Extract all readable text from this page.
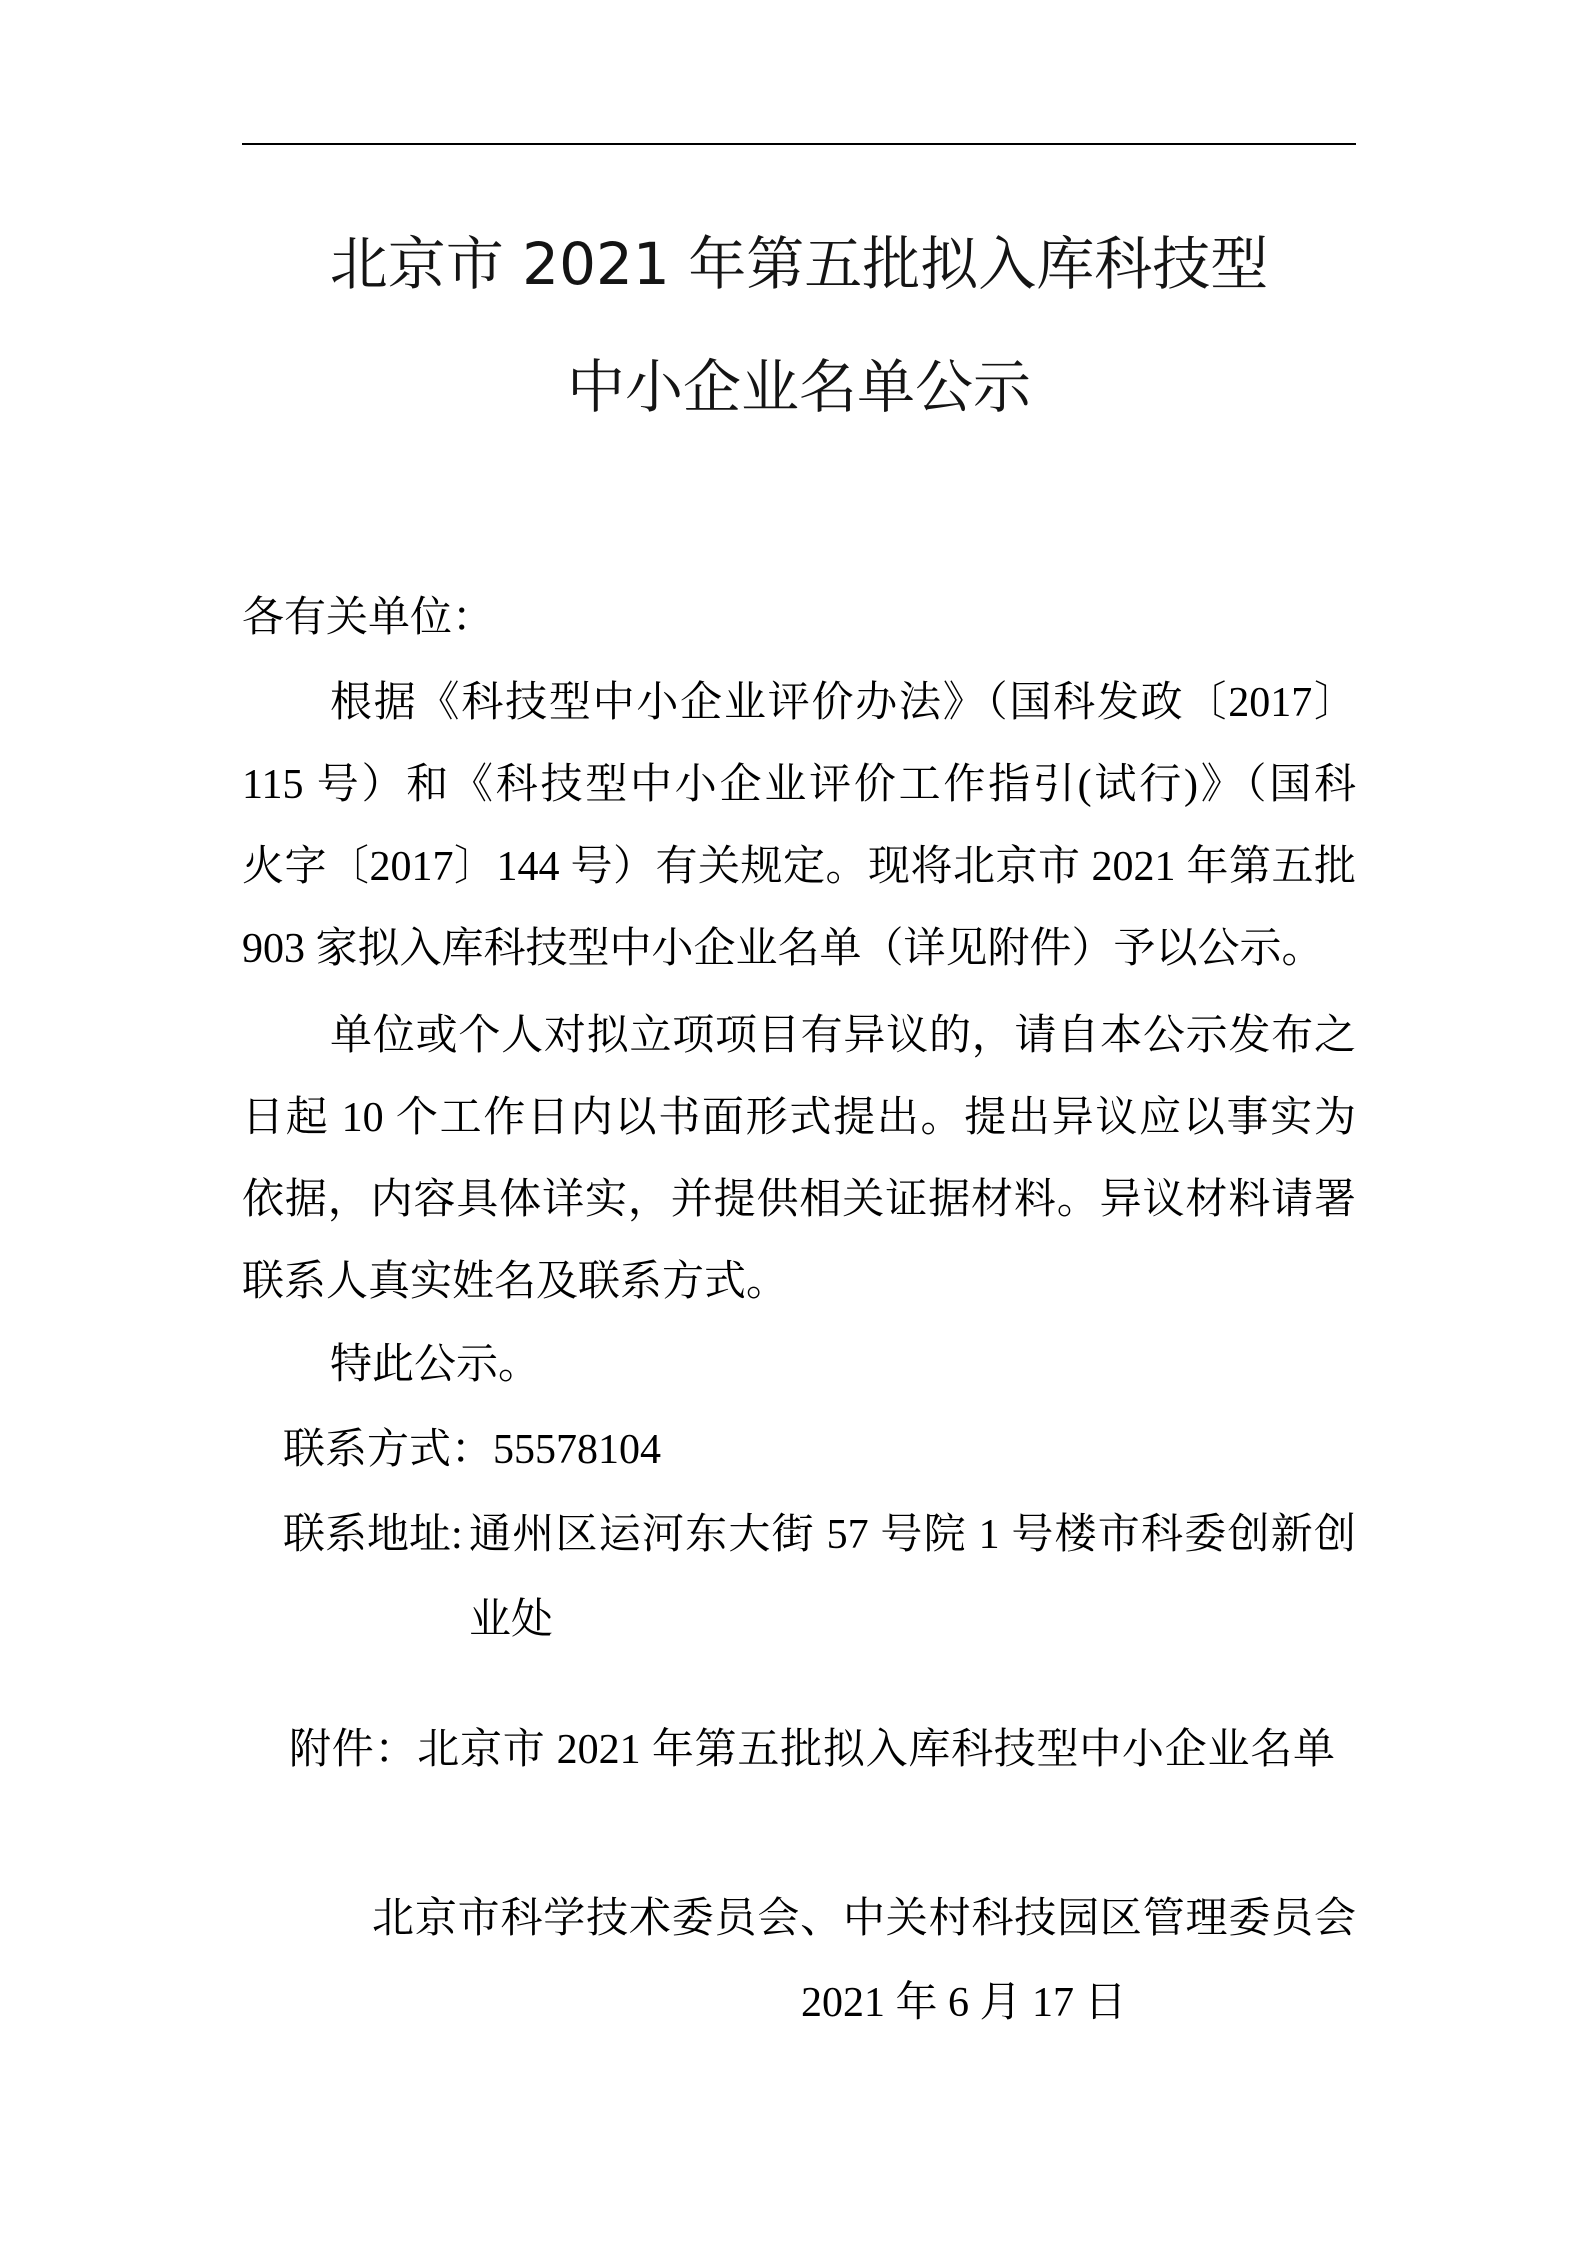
北京市 2021 年第五批拟入库科技型
中小企业名单公示
各有关单位：
根据《科技型中小企业评价办法》（国科发政〔2017〕
115 号）和《科技型中小企业评价工作指引(试行)》（国科
火字〔2017〕144 号）有关规定。现将北京市 2021 年第五批
903 家拟入库科技型中小企业名单（详见附件）予以公示。
单位或个人对拟立项项目有异议的，请自本公示发布之
日起 10 个工作日内以书面形式提出。提出异议应以事实为
依据，内容具体详实，并提供相关证据材料。异议材料请署
联系人真实姓名及联系方式。
特此公示。
联系方式：55578104
联系地址: 通州区运河东大街 57 号院 1 号楼市科委创新创
业处
附件：北京市 2021 年第五批拟入库科技型中小企业名单
北京市科学技术委员会、中关村科技园区管理委员会
2021 年 6 月 17 日
